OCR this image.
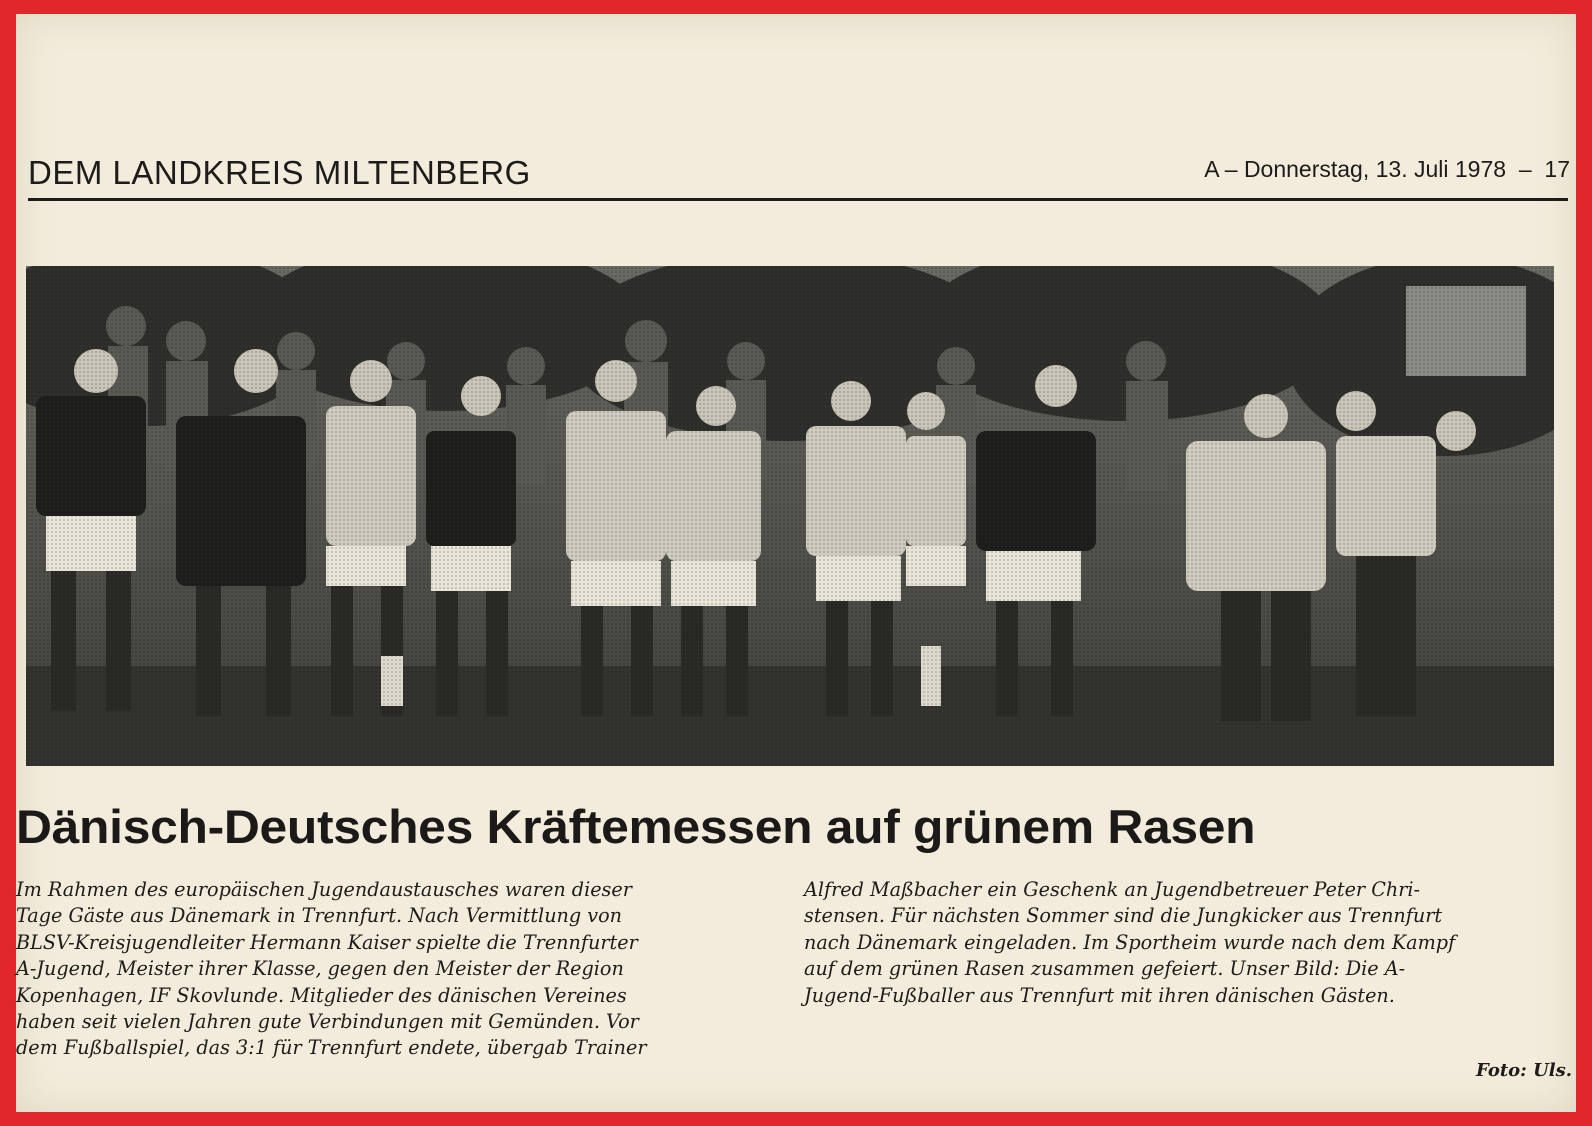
DEM LANDKREIS MILTENBERG	A – Donnerstag, 13. Juli 1978  –  17
Dänisch-Deutsches Kräftemessen auf grünem Rasen
Im Rahmen des europäischen Jugendaustausches waren dieser
Tage Gäste aus Dänemark in Trennfurt. Nach Vermittlung von
BLSV-Kreisjugendleiter Hermann Kaiser spielte die Trennfurter
A-Jugend, Meister ihrer Klasse, gegen den Meister der Region
Kopenhagen, IF Skovlunde. Mitglieder des dänischen Vereines
haben seit vielen Jahren gute Verbindungen mit Gemünden. Vor
dem Fußballspiel, das 3:1 für Trennfurt endete, übergab Trainer
Alfred Maßbacher ein Geschenk an Jugendbetreuer Peter Chri-
stensen. Für nächsten Sommer sind die Jungkicker aus Trennfurt
nach Dänemark eingeladen. Im Sportheim wurde nach dem Kampf
auf dem grünen Rasen zusammen gefeiert. Unser Bild: Die A-
Jugend-Fußballer aus Trennfurt mit ihren dänischen Gästen.
Foto: Uls.
